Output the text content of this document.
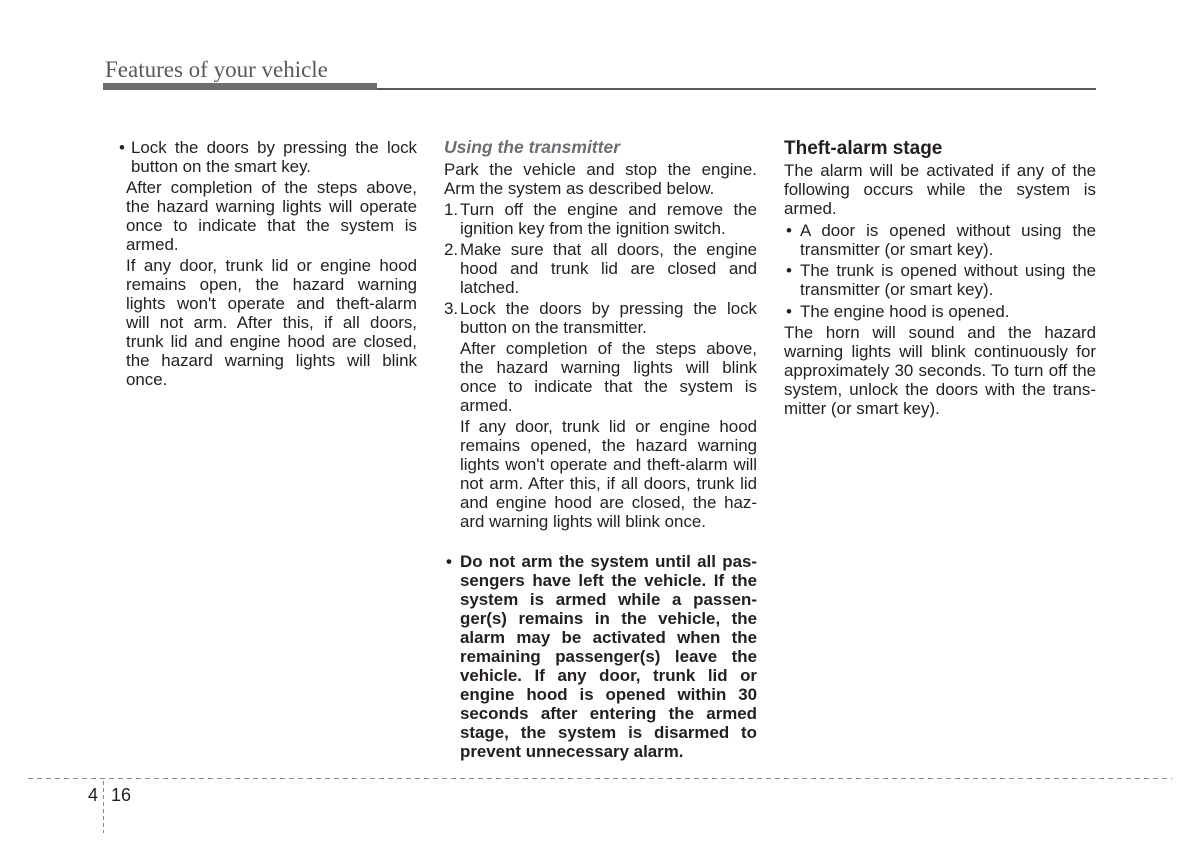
Features of your vehicle
• Lock the doors by pressing the lock
button on the smart key.
After completion of the steps above,
the hazard warning lights will operate
once to indicate that the system is
armed.
If any door, trunk lid or engine hood
remains open, the hazard warning
lights won't operate and theft-alarm
will not arm. After this, if all doors,
trunk lid and engine hood are closed,
the hazard warning lights will blink
once.
Using the transmitter
Park the vehicle and stop the engine.
Arm the system as described below.
1. Turn off the engine and remove the
ignition key from the ignition switch.
2. Make sure that all doors, the engine
hood and trunk lid are closed and
latched.
3. Lock the doors by pressing the lock
button on the transmitter.
After completion of the steps above,
the hazard warning lights will blink
once to indicate that the system is
armed.
If any door, trunk lid or engine hood
remains opened, the hazard warning
lights won't operate and theft-alarm will
not arm. After this, if all doors, trunk lid
and engine hood are closed, the haz-
ard warning lights will blink once.
• Do not arm the system until all pas-
sengers have left the vehicle. If the
system is armed while a passen-
ger(s) remains in the vehicle, the
alarm may be activated when the
remaining passenger(s) leave the
vehicle. If any door, trunk lid or
engine hood is opened within 30
seconds after entering the armed
stage, the system is disarmed to
prevent unnecessary alarm.
Theft-alarm stage
The alarm will be activated if any of the
following occurs while the system is
armed.
• A door is opened without using the
transmitter (or smart key).
• The trunk is opened without using the
transmitter (or smart key).
• The engine hood is opened.
The horn will sound and the hazard
warning lights will blink continuously for
approximately 30 seconds. To turn off the
system, unlock the doors with the trans-
mitter (or smart key).
4 16
